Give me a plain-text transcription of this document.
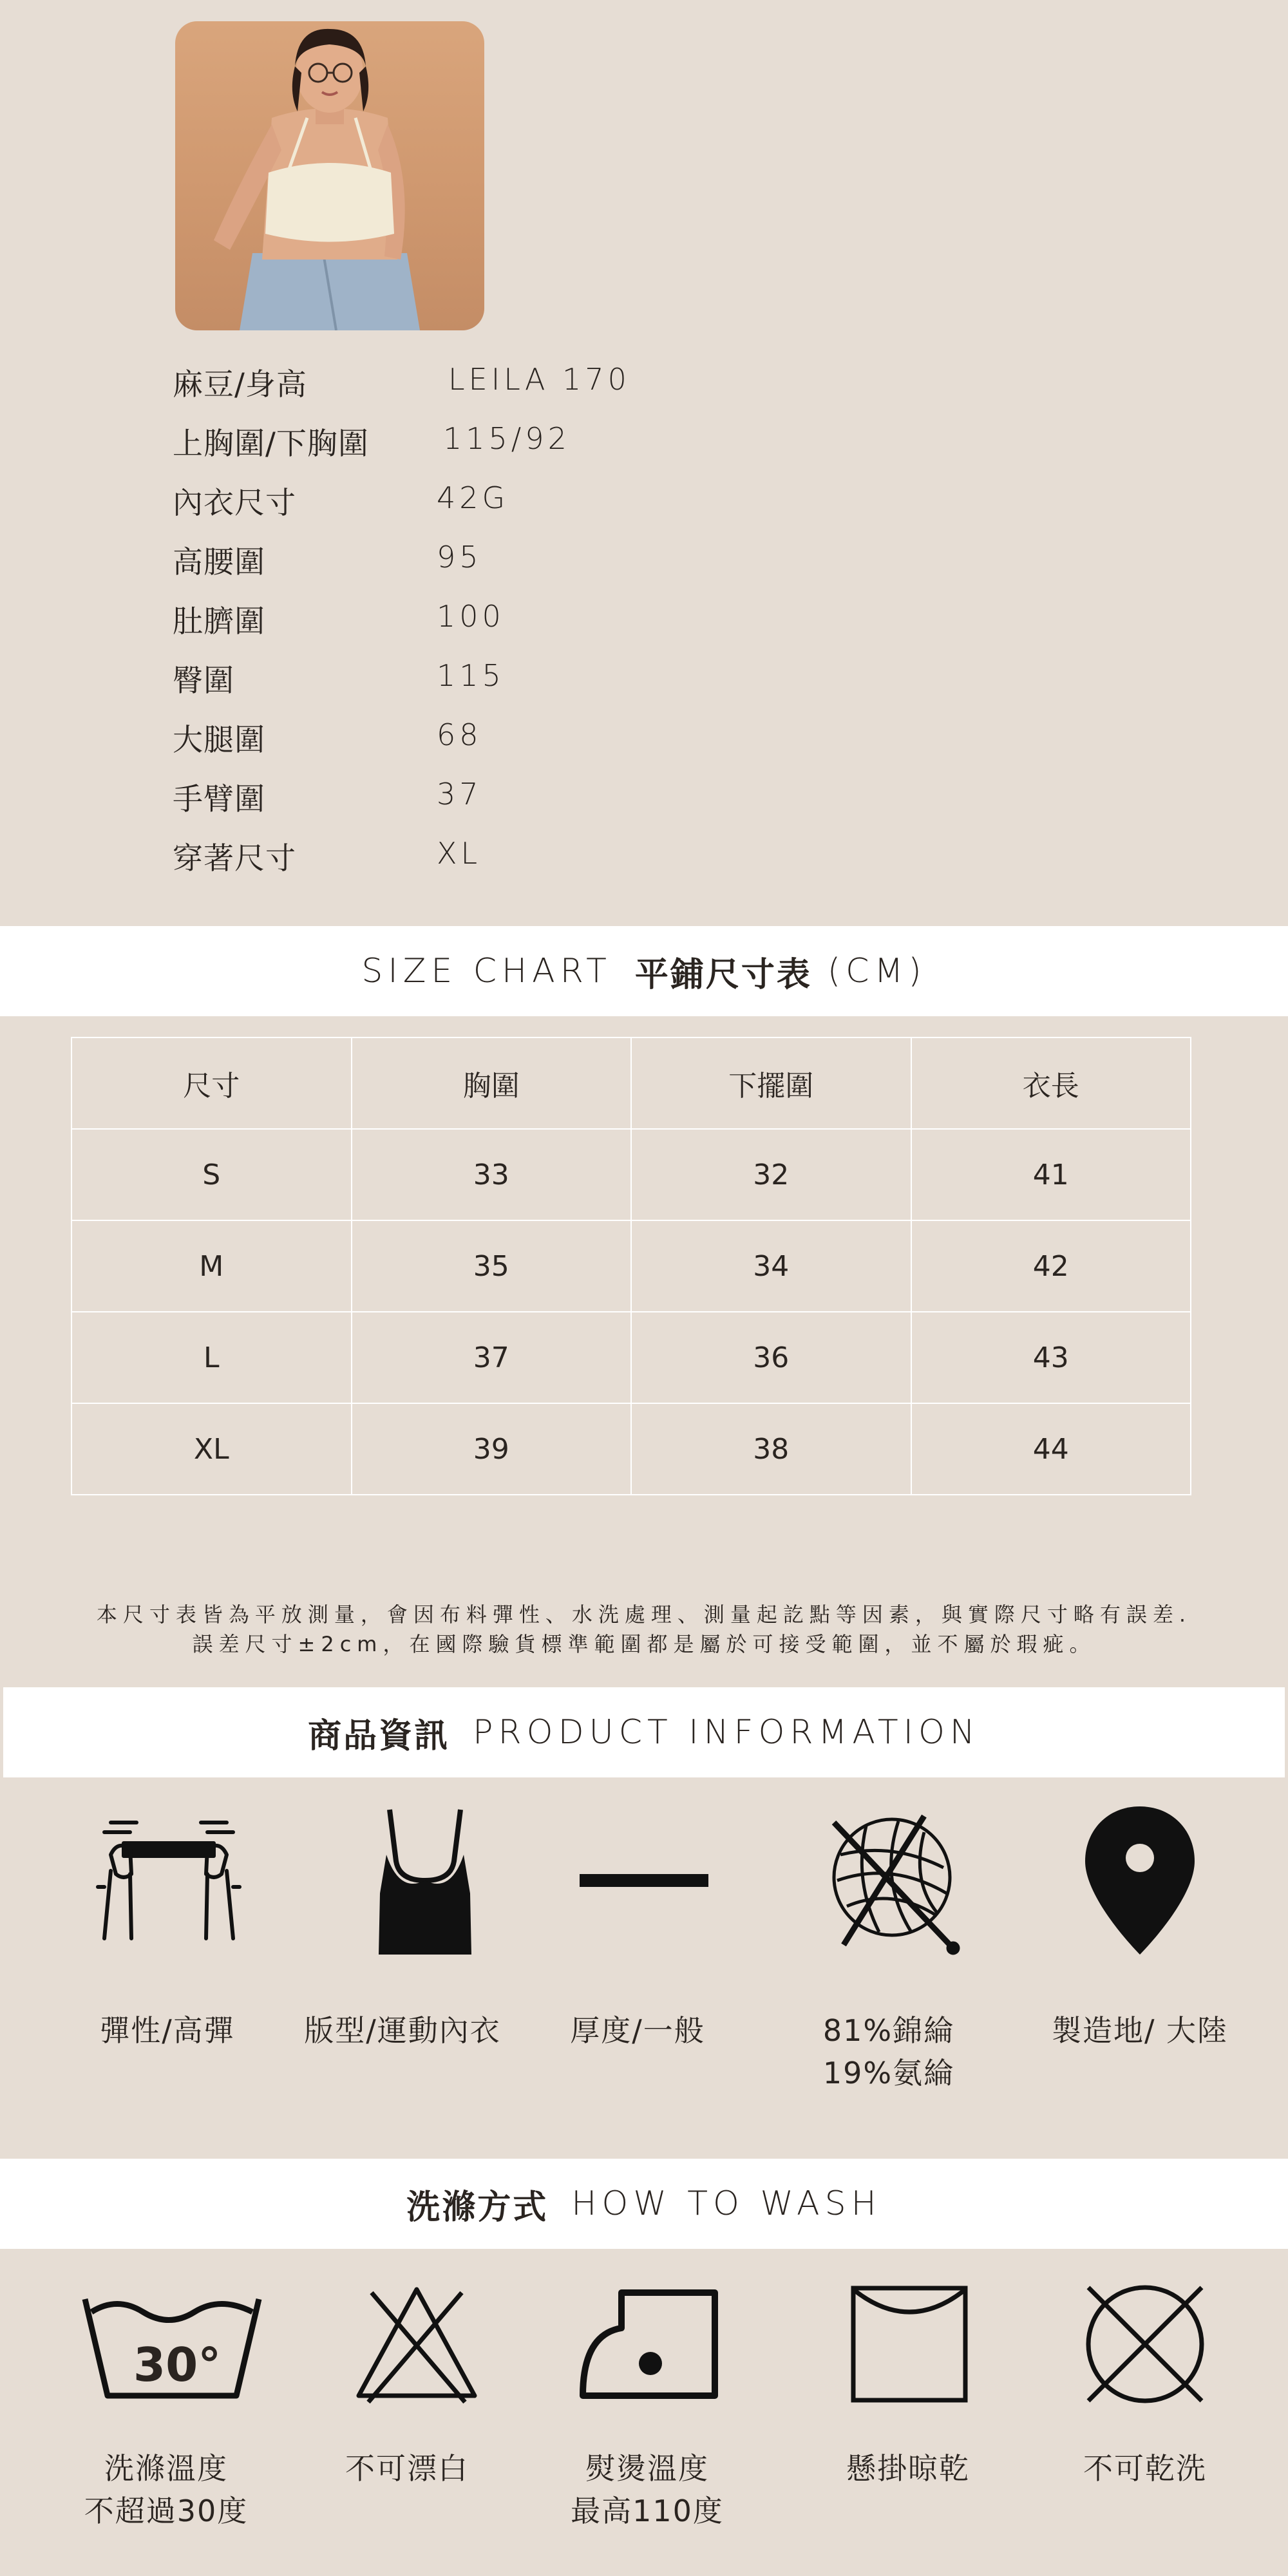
麻豆/身高	LEILA 170
上胸圍/下胸圍	115/92
內衣尺寸	42G
高腰圍	95
肚臍圍	100
臀圍	115
大腿圍	68
手臂圍	37
穿著尺寸	XL
SIZE CHART 平鋪尺寸表 (CM)
尺寸	胸圍	下擺圍	衣長
S	33	32	41
M	35	34	42
L	37	36	43
XL	39	38	44
本尺寸表皆為平放測量，會因布料彈性、水洗處理、測量起訖點等因素，與實際尺寸略有誤差.
誤差尺寸±2cm，在國際驗貨標準範圍都是屬於可接受範圍，並不屬於瑕疵。
商品資訊 PRODUCT INFORMATION
彈性/高彈	版型/運動內衣	厚度/一般	81%錦綸
19%氨綸
製造地/ 大陸
洗滌方式 HOW TO WASH
30°
洗滌溫度
不超過30度
不可漂白	熨燙溫度
最高110度
懸掛晾乾	不可乾洗
